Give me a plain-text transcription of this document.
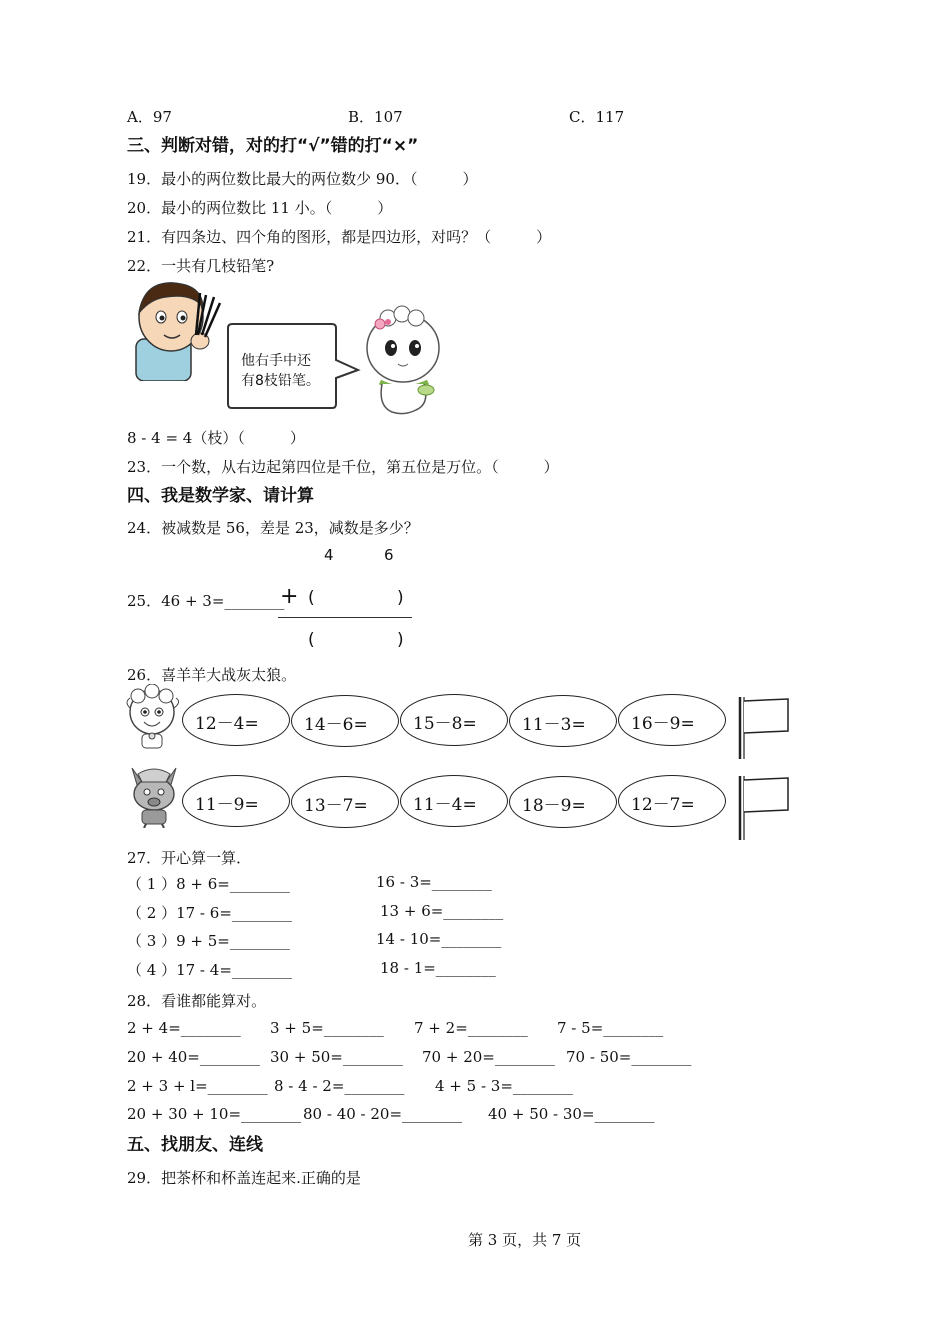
A．97	B．107	C．117
三、判断对错，对的打“√”错的打“×”
19．最小的两位数比最大的两位数少 90．（　　　）
20．最小的两位数比 11 小。（　　　）
21．有四条边、四个角的图形，都是四边形，对吗？（　　　）
22．一共有几枝铅笔?
他右手中还
有8枝铅笔。
8 - 4 = 4（枝）（　　　）
23．一个数，从右边起第四位是千位，第五位是万位。（　　　）
四、我是数学家、请计算
24．被减数是 56，差是 23，减数是多少？
4	6
25．46 + 3=________
+ (	)
(	)
26．喜羊羊大战灰太狼。
12－4=	14－6=	15－8=	11－3=	16－9=
11－9=	13－7=	11－4=	18－9=	12－7=
27．开心算一算．
（ 1 ）8 + 6=________	16 - 3=________
（ 2 ）17 - 6=________	13 + 6=________
（ 3 ）9 + 5=________	14 - 10=________
（ 4 ）17 - 4=________	18 - 1=________
28．看谁都能算对。
2 + 4=________ 3 + 5=________ 7 + 2=________ 7 - 5=________
20 + 40=________ 30 + 50=________ 70 + 20=________ 70 - 50=________
2 + 3 + l=________ 8 - 4 - 2=________ 4 + 5 - 3=________
20 + 30 + 10=________ 80 - 40 - 20=________ 40 + 50 - 30=________
五、找朋友、连线
29．把茶杯和杯盖连起来.正确的是
第 3 页，共 7 页
